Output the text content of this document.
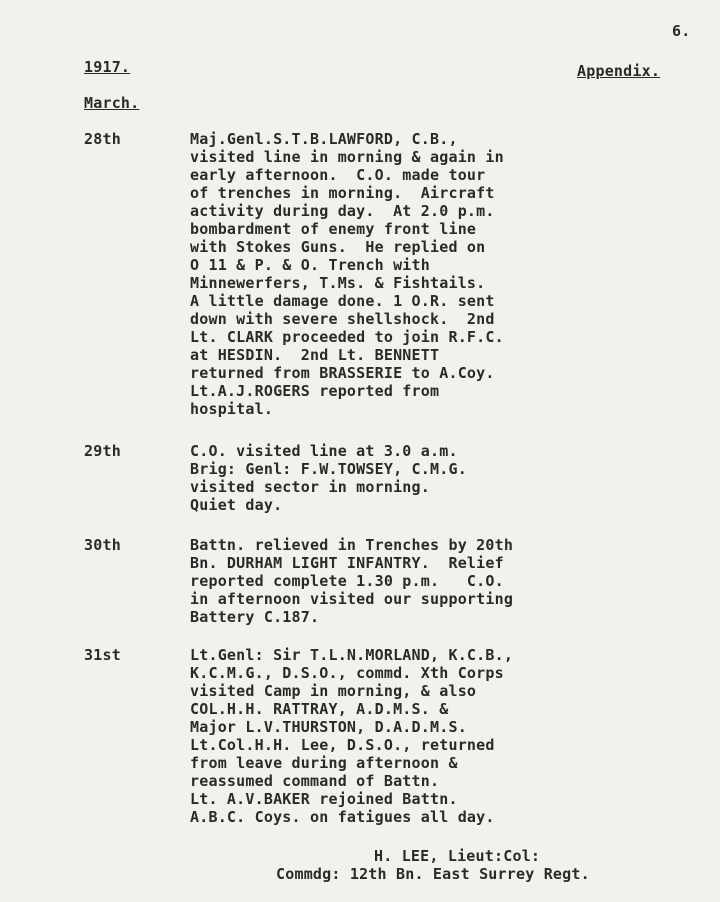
6.
1917.	Appendix.
March.
28th	Maj.Genl.S.T.B.LAWFORD, C.B.,
visited line in morning & again in
early afternoon.  C.O. made tour
of trenches in morning.  Aircraft
activity during day.  At 2.0 p.m.
bombardment of enemy front line
with Stokes Guns.  He replied on
O 11 & P. & O. Trench with
Minnewerfers, T.Ms. & Fishtails.
A little damage done. 1 O.R. sent
down with severe shellshock.  2nd
Lt. CLARK proceeded to join R.F.C.
at HESDIN.  2nd Lt. BENNETT
returned from BRASSERIE to A.Coy.
Lt.A.J.ROGERS reported from
hospital.
29th	C.O. visited line at 3.0 a.m.
Brig: Genl: F.W.TOWSEY, C.M.G.
visited sector in morning.
Quiet day.
30th	Battn. relieved in Trenches by 20th
Bn. DURHAM LIGHT INFANTRY.  Relief
reported complete 1.30 p.m.   C.O.
in afternoon visited our supporting
Battery C.187.
31st	Lt.Genl: Sir T.L.N.MORLAND, K.C.B.,
K.C.M.G., D.S.O., commd. Xth Corps
visited Camp in morning, & also
COL.H.H. RATTRAY, A.D.M.S. &
Major L.V.THURSTON, D.A.D.M.S.
Lt.Col.H.H. Lee, D.S.O., returned
from leave during afternoon &
reassumed command of Battn.
Lt. A.V.BAKER rejoined Battn.
A.B.C. Coys. on fatigues all day.
H. LEE, Lieut:Col:
Commdg: 12th Bn. East Surrey Regt.
